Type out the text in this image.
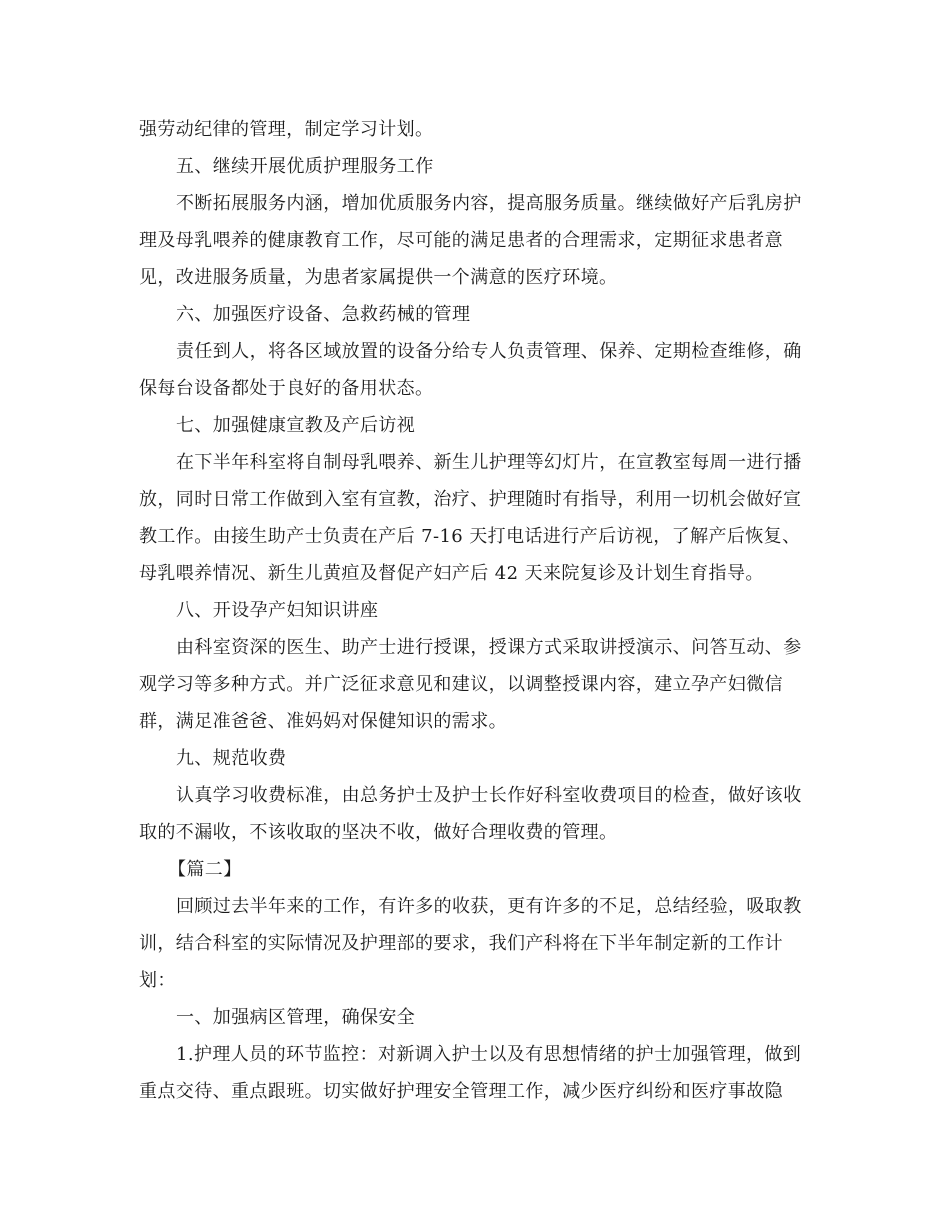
强劳动纪律的管理，制定学习计划。
五、继续开展优质护理服务工作
不断拓展服务内涵，增加优质服务内容，提高服务质量。继续做好产后乳房护
理及母乳喂养的健康教育工作，尽可能的满足患者的合理需求，定期征求患者意
见，改进服务质量，为患者家属提供一个满意的医疗环境。
六、加强医疗设备、急救药械的管理
责任到人，将各区域放置的设备分给专人负责管理、保养、定期检查维修，确
保每台设备都处于良好的备用状态。
七、加强健康宣教及产后访视
在下半年科室将自制母乳喂养、新生儿护理等幻灯片，在宣教室每周一进行播
放，同时日常工作做到入室有宣教，治疗、护理随时有指导，利用一切机会做好宣
教工作。由接生助产士负责在产后 7-16 天打电话进行产后访视，了解产后恢复、
母乳喂养情况、新生儿黄疸及督促产妇产后 42 天来院复诊及计划生育指导。
八、开设孕产妇知识讲座
由科室资深的医生、助产士进行授课，授课方式采取讲授演示、问答互动、参
观学习等多种方式。并广泛征求意见和建议，以调整授课内容，建立孕产妇微信
群，满足准爸爸、准妈妈对保健知识的需求。
九、规范收费
认真学习收费标准，由总务护士及护士长作好科室收费项目的检查，做好该收
取的不漏收，不该收取的坚决不收，做好合理收费的管理。
【篇二】
回顾过去半年来的工作，有许多的收获，更有许多的不足，总结经验，吸取教
训，结合科室的实际情况及护理部的要求，我们产科将在下半年制定新的工作计
划：
一、加强病区管理，确保安全
1.护理人员的环节监控：对新调入护士以及有思想情绪的护士加强管理，做到
重点交待、重点跟班。切实做好护理安全管理工作，减少医疗纠纷和医疗事故隐
